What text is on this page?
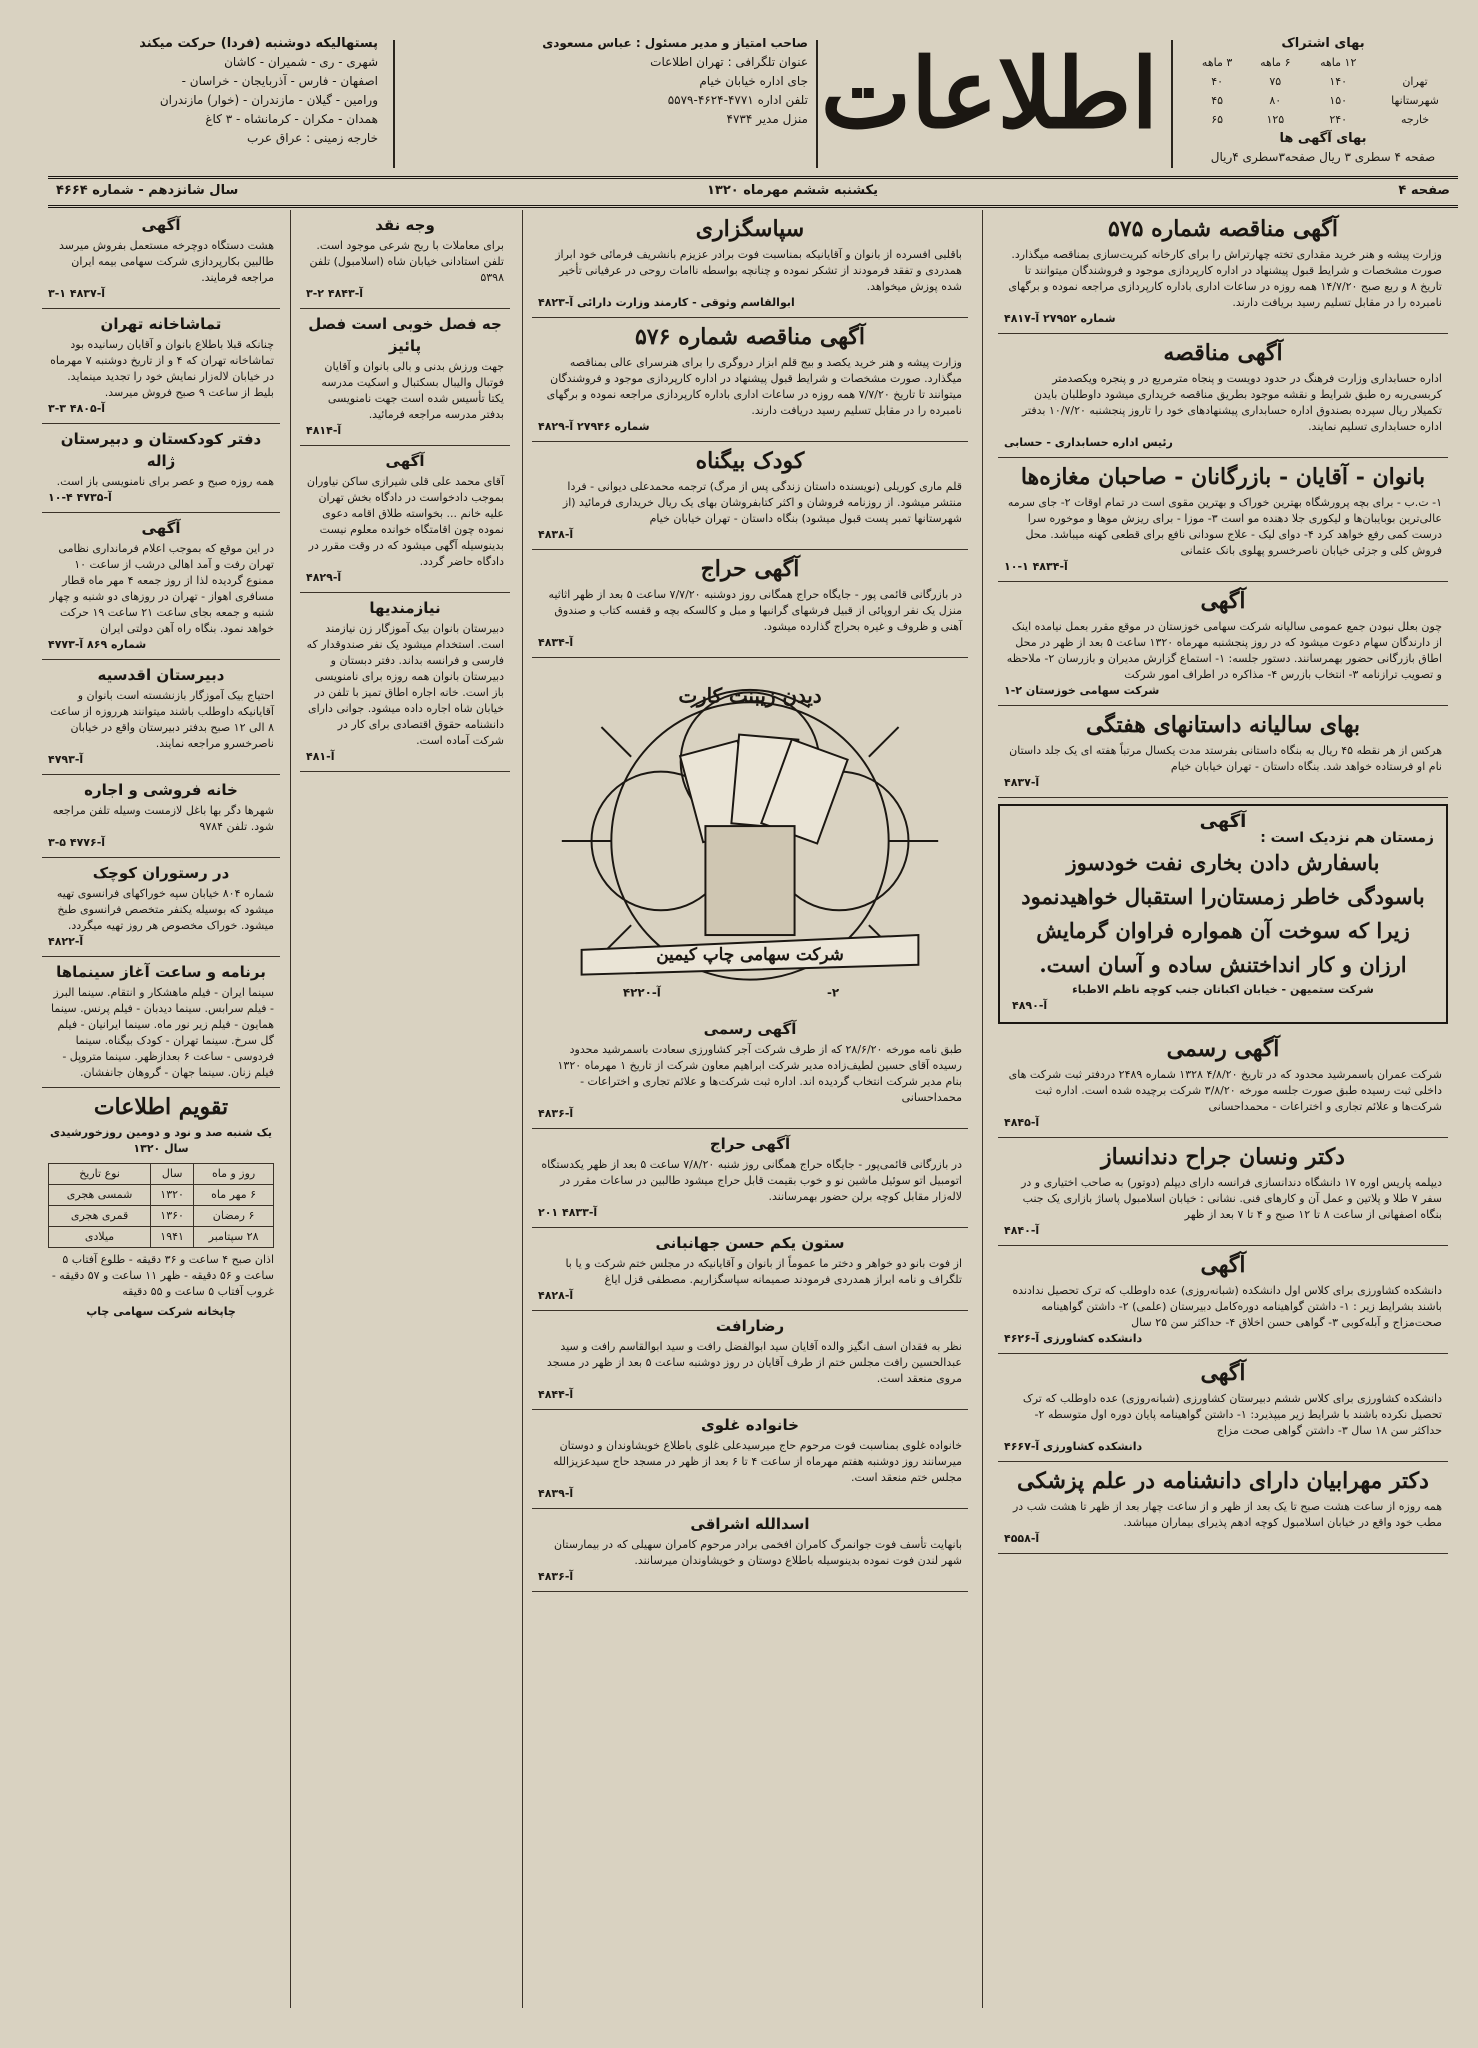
بهای اشتراک
	۱۲ ماهه	۶ ماهه	۳ ماهه
تهران	۱۴۰	۷۵	۴۰
شهرستانها	۱۵۰	۸۰	۴۵
خارجه	۲۴۰	۱۲۵	۶۵
بهای آگهی ها
صفحه ۴ سطری ۳ ریال صفحه۳سطری ۴ریال
اطلاعات
صاحب امتیاز و مدیر مسئول : عباس مسعودی
عنوان تلگرافی : تهران اطلاعات
جای اداره خیابان خیام
تلفن اداره ۴۷۷۱-۴۶۲۴-۵۵۷۹
منزل مدیر ۴۷۳۴
پستهالیکه دوشنبه (فردا) حرکت میکند
شهری - ری - شمیران - کاشان
اصفهان - فارس - آذربایجان - خراسان -
ورامین - گیلان - مازندران - (خوار) مازندران
همدان - مکران - کرمانشاه - ۳ کاغ
خارجه زمینی : عراق عرب
صفحه ۴
یکشنبه ششم مهرماه ۱۳۲۰
سال شانزدهم - شماره ۴۶۶۴
آگهی مناقصه شماره ۵۷۵

وزارت پیشه و هنر خرید مقداری تخته چهارتراش را برای کارخانه کبریت‌سازی بمناقصه میگذارد. صورت مشخصات و شرایط قبول پیشنهاد در اداره کارپردازی موجود و فروشندگان میتوانند تا تاریخ ۸ و ربع صبح ۱۴/۷/۲۰ همه روزه در ساعات اداری باداره کارپردازی مراجعه نموده و برگهای نامبرده را در مقابل تسلیم رسید بریافت دارند.

شماره ۲۷۹۵۲ آ-۴۸۱۷

آگهی مناقصه

اداره حسابداری وزارت فرهنگ در حدود دویست و پنجاه مترمربع در و پنجره ویکصدمتر کربسی‌ربه ره طبق شرایط و نقشه موجود بطریق مناقصه خریداری میشود داوطلبان بایدن تکمیلار ریال سپرده بصندوق اداره حسابداری پیشنهادهای خود را تاروز پنجشنبه ۱۰/۷/۲۰ بدفتر اداره حسابداری تسلیم نمایند.

رئیس اداره حسابداری - حسابی

بانوان - آقایان - بازرگانان - صاحبان مغازه‌ها

۱- ت.ب - برای بچه پرورشگاه بهترین خوراک و بهترین مقوی است در تمام اوقات ۲- جای سرمه عالی‌ترین بوبایبان‌ها و لیکوری جلا دهنده مو است ۳- موزا - برای ریزش موها و موخوره سرا درست کمی رفع خواهد کرد ۴- دوای لیک - علاج سودانی نافع برای قطعی کهنه میباشد. محل فروش کلی و جزئی خیابان ناصرخسرو پهلوی بانک عثمانی

آ-۴۸۳۴ ۱-۱۰

آگهی

چون بعلل نبودن جمع عمومی سالیانه شرکت سهامی خوزستان در موقع مقرر بعمل نیامده اینک از دارندگان سهام دعوت میشود که در روز پنجشنبه مهرماه ۱۳۲۰ ساعت ۵ بعد از ظهر در محل اطاق بازرگانی حضور بهمرسانند. دستور جلسه: ۱- استماع گزارش مدیران و بازرسان ۲- ملاحظه و تصویب ترازنامه ۳- انتخاب بازرس ۴- مذاکره در اطراف امور شرکت

شرکت سهامی خوزستان ۲-۱

بهای سالیانه داستانهای هفتگی

هرکس از هر نقطه ۴۵ ریال به بنگاه داستانی بفرستد مدت یکسال مرتباً هفته ای یک جلد داستان نام او فرستاده خواهد شد. بنگاه داستان - تهران خیابان خیام

آ-۴۸۳۷

آگهی
زمستان هم نزدیک است :
باسفارش دادن بخاری نفت خودسوز
باسودگی خاطر زمستان‌را استقبال خواهیدنمود
زیرا که سوخت آن همواره فراوان گرمایش
ارزان و کار انداختنش ساده و آسان است.
شرکت ستمیهن - خیابان اکباتان جنب کوچه ناظم الاطباء
آ-۴۸۹۰
آگهی رسمی

شرکت عمران باسمرشید محدود که در تاریخ ۴/۸/۲۰ ۱۳۲۸ شماره ۲۴۸۹ دردفتر ثبت شرکت های داخلی ثبت رسیده طبق صورت جلسه مورخه ۳/۸/۲۰ شرکت برچیده شده است. اداره ثبت شرکت‌ها و علائم تجاری و اختراعات - محمداحسانی

آ-۴۸۴۵

دکتر ونسان جراح دندانساز

دیپلمه پاریس اوره ۱۷ دانشگاه دندانسازی فرانسه دارای دیپلم (دوتور) به صاحب اختیاری و در سفر ۷ طلا و پلاتین و عمل آن و کارهای فنی. نشانی : خیابان اسلامبول پاساژ بازاری یک جنب بنگاه اصفهانی از ساعت ۸ تا ۱۲ صبح و ۴ تا ۷ بعد از ظهر

آ-۴۸۴۰

آگهی

دانشکده کشاورزی برای کلاس اول دانشکده (شبانه‌روزی) عده داوطلب که ترک تحصیل ندادنده باشند بشرایط زیر : ۱- داشتن گواهینامه دوره‌کامل دبیرستان (علمی) ۲- داشتن گواهینامه صحت‌مزاج و آبله‌کوبی ۳- گواهی حسن اخلاق ۴- حداکثر سن ۲۵ سال

دانشکده کشاورزی آ-۴۶۲۶

آگهی

دانشکده کشاورزی برای کلاس ششم دبیرستان کشاورزی (شبانه‌روزی) عده داوطلب که ترک تحصیل نکرده باشند با شرایط زیر میپذیرد: ۱- داشتن گواهینامه پایان دوره اول متوسطه ۲- حداکثر سن ۱۸ سال ۳- داشتن گواهی صحت مزاج

دانشکده کشاورزی آ-۴۶۶۷

دکتر مهرابیان دارای دانشنامه در علم پزشکی

همه روزه از ساعت هشت صبح تا یک بعد از ظهر و از ساعت چهار بعد از ظهر تا هشت شب در مطب خود واقع در خیابان اسلامبول کوچه ادهم پذیرای بیماران میباشد.

آ-۴۵۵۸

سپاسگزاری

باقلبی افسرده از بانوان و آقایانیکه بمناسبت فوت برادر عزیزم بانشریف فرمائی خود ابراز همدردی و تفقد فرمودند از تشکر نموده و چنانچه بواسطه ناامات روحی در عرفیانی تأخیر شده پوزش میخواهد.

ابوالقاسم وثوقی - کارمند وزارت دارائی آ-۴۸۲۳

آگهی مناقصه شماره ۵۷۶

وزارت پیشه و هنر خرید یکصد و بیج قلم ابزار دروگری را برای هنرسرای عالی بمناقصه میگذارد. صورت مشخصات و شرایط قبول پیشنهاد در اداره کارپردازی موجود و فروشندگان میتوانند تا تاریخ ۷/۷/۲۰ همه روزه در ساعات اداری باداره کارپردازی مراجعه نموده و برگهای نامبرده را در مقابل تسلیم رسید دریافت دارند.

شماره ۲۷۹۴۶ آ-۴۸۲۹

کودک بیگناه

قلم ماری کوریلی (نویسنده داستان زندگی پس از مرگ) ترجمه محمدعلی دیوانی - فردا منتشر میشود. از روزنامه فروشان و اکثر کتابفروشان بهای یک ریال خریداری فرمائید (از شهرستانها تمبر پست قبول میشود) بنگاه داستان - تهران خیابان خیام

آ-۴۸۳۸

آگهی حراج

در بازرگانی قائمی پور - جایگاه حراج همگانی روز دوشنبه ۷/۷/۲۰ ساعت ۵ بعد از ظهر اثاثیه منزل یک نفر اروپائی از قبیل فرشهای گرانبها و مبل و کالسکه بچه و قفسه کتاب و صندوق آهنی و ظروف و غیره بحراج گذارده میشود.

آ-۴۸۳۴

دیدن زیبنت کارت
شرکت سهامی چاپ کیمین
آ-۴۲۲۰	۲-
آگهی رسمی

طبق نامه مورخه ۲۸/۶/۲۰ که از طرف شرکت آجر کشاورزی سعادت باسمرشید محدود رسیده آقای حسین لطیف‌زاده مدیر شرکت ابراهیم معاون شرکت از تاریخ ۱ مهرماه ۱۳۲۰ بنام مدیر شرکت انتخاب گردیده اند. اداره ثبت شرکت‌ها و علائم تجاری و اختراعات - محمداحسانی

آ-۴۸۳۶

آگهی حراج

در بازرگانی قائمی‌پور - جایگاه حراج همگانی روز شنبه ۷/۸/۲۰ ساعت ۵ بعد از ظهر یکدستگاه اتومبیل اتو سوئیل ماشین نو و خوب بقیمت قابل حراج میشود طالبین در ساعات مقرر در لاله‌زار مقابل کوچه برلن حضور بهمرسانند.

آ-۴۸۳۳ ۲۰۱

ستون یکم حسن جهانبانی

از فوت بانو دو خواهر و دختر ما عموماً از بانوان و آقایانیکه در مجلس ختم شرکت و یا با تلگراف و نامه ابراز همدردی فرمودند صمیمانه سپاسگزاریم. مصطفی قزل ایاغ

آ-۴۸۲۸

رضارافت

نظر به فقدان اسف انگیز والده آقایان سید ابوالفضل رافت و سید ابوالقاسم رافت و سید عبدالحسین رافت مجلس ختم از طرف آقایان در روز دوشنبه ساعت ۵ بعد از ظهر در مسجد مروی منعقد است.

آ-۴۸۴۴

خانواده غلوی

خانواده غلوی بمناسبت فوت مرحوم حاج میرسیدعلی غلوی باطلاع خویشاوندان و دوستان میرسانند روز دوشنبه هفتم مهرماه از ساعت ۴ تا ۶ بعد از ظهر در مسجد حاج سیدعزیزالله مجلس ختم منعقد است.

آ-۴۸۳۹

اسدالله اشراقی

بانهایت تأسف فوت جوانمرگ کامران افخمی برادر مرحوم کامران سهیلی که در بیمارستان شهر لندن فوت نموده بدینوسیله باطلاع دوستان و خویشاوندان میرسانند.

آ-۴۸۳۶

وجه نقد

برای معاملات با ربح شرعی موجود است. تلفن استادانی خیابان شاه (اسلامبول) تلفن ۵۳۹۸

آ-۴۸۴۳ ۲-۳

جه فصل خوبی است فصل پائیز

جهت ورزش بدنی و بالی بانوان و آقایان فوتبال والیبال بسکتبال و اسکیت مدرسه یکتا تأسیس شده است جهت نامنویسی بدفتر مدرسه مراجعه فرمائید.

آ-۴۸۱۴

آگهی

آقای محمد علی قلی شیرازی ساکن نیاوران بموجب دادخواست در دادگاه بخش تهران علیه خانم ... بخواسته طلاق اقامه دعوی نموده چون اقامتگاه خوانده معلوم نیست بدینوسیله آگهی میشود که در وقت مقرر در دادگاه حاضر گردد.

آ-۴۸۲۹

نیازمندیها

دبیرستان بانوان بیک آموزگار زن نیازمند است. استخدام میشود یک نفر صندوقدار که فارسی و فرانسه بداند. دفتر دبستان و دبیرستان بانوان همه روزه برای نامنویسی باز است. خانه اجاره اطاق تمیز با تلفن در خیابان شاه اجاره داده میشود. جوانی دارای دانشنامه حقوق اقتصادی برای کار در شرکت آماده است.

آ-۴۸۱

آگهی

هشت دستگاه دوچرخه مستعمل بفروش میرسد طالبین بکارپردازی شرکت سهامی بیمه ایران مراجعه فرمایند.

آ-۴۸۳۷ ۱-۳

تماشاخانه تهران

چنانکه قبلا باطلاع بانوان و آقایان رسانیده بود تماشاخانه تهران که ۴ و از تاریخ دوشنبه ۷ مهرماه در خیابان لاله‌زار نمایش خود را تجدید مینماید. بلیط از ساعت ۹ صبح فروش میرسد.

آ-۴۸۰۵ ۳-۳

دفتر کودکستان و دبیرستان ژاله

همه روزه صبح و عصر برای نامنویسی باز است.

آ-۴۷۳۵ ۴-۱۰

آگهی

در این موقع که بموجب اعلام فرمانداری نظامی تهران رفت و آمد اهالی درشب از ساعت ۱۰ ممنوع گردیده لذا از روز جمعه ۴ مهر ماه قطار مسافری اهواز - تهران در روزهای دو شنبه و چهار شنبه و جمعه بجای ساعت ۲۱ ساعت ۱۹ حرکت خواهد نمود. بنگاه راه آهن دولتی ایران

شماره ۸۶۹ آ-۴۷۷۳

دبیرستان اقدسیه

احتیاج بیک آموزگار بازنشسته است بانوان و آقایانیکه داوطلب باشند میتوانند هرروزه از ساعت ۸ الی ۱۲ صبح بدفتر دبیرستان واقع در خیابان ناصرخسرو مراجعه نمایند.

آ-۴۷۹۳

خانه فروشی و اجاره

شهرها دگر بها باغل لازمست وسیله تلفن مراجعه شود. تلفن ۹۷۸۴

آ-۴۷۷۶ ۵-۳

در رستوران کوچک

شماره ۸۰۴ خیابان سپه خوراکهای فرانسوی تهیه میشود که بوسیله یکنفر متخصص فرانسوی طبخ میشود. خوراک مخصوص هر روز تهیه میگردد.

آ-۴۸۲۲

برنامه و ساعت آغاز سینماها

سینما ایران - فیلم ماهشکار و انتقام. سینما البرز - فیلم سرابس. سینما دیدبان - فیلم پرنس. سینما همایون - فیلم زیر نور ماه. سینما ایرانیان - فیلم گل سرخ. سینما تهران - کودک بیگناه. سینما فردوسی - ساعت ۶ بعدازظهر. سینما متروپل - فیلم زنان. سینما جهان - گروهان جانفشان.

تقویم اطلاعات

یک شنبه صد و نود و دومین روزخورشیدی سال ۱۳۲۰

روز و ماه	سال	نوع تاریخ
۶ مهر ماه	۱۳۲۰	شمسی هجری
۶ رمضان	۱۳۶۰	قمری هجری
۲۸ سپتامبر	۱۹۴۱	میلادی

اذان صبح ۴ ساعت و ۳۶ دقیقه - طلوع آفتاب ۵ ساعت و ۵۶ دقیقه - ظهر ۱۱ ساعت و ۵۷ دقیقه - غروب آفتاب ۵ ساعت و ۵۵ دقیقه

چاپخانه شرکت سهامی چاپ
